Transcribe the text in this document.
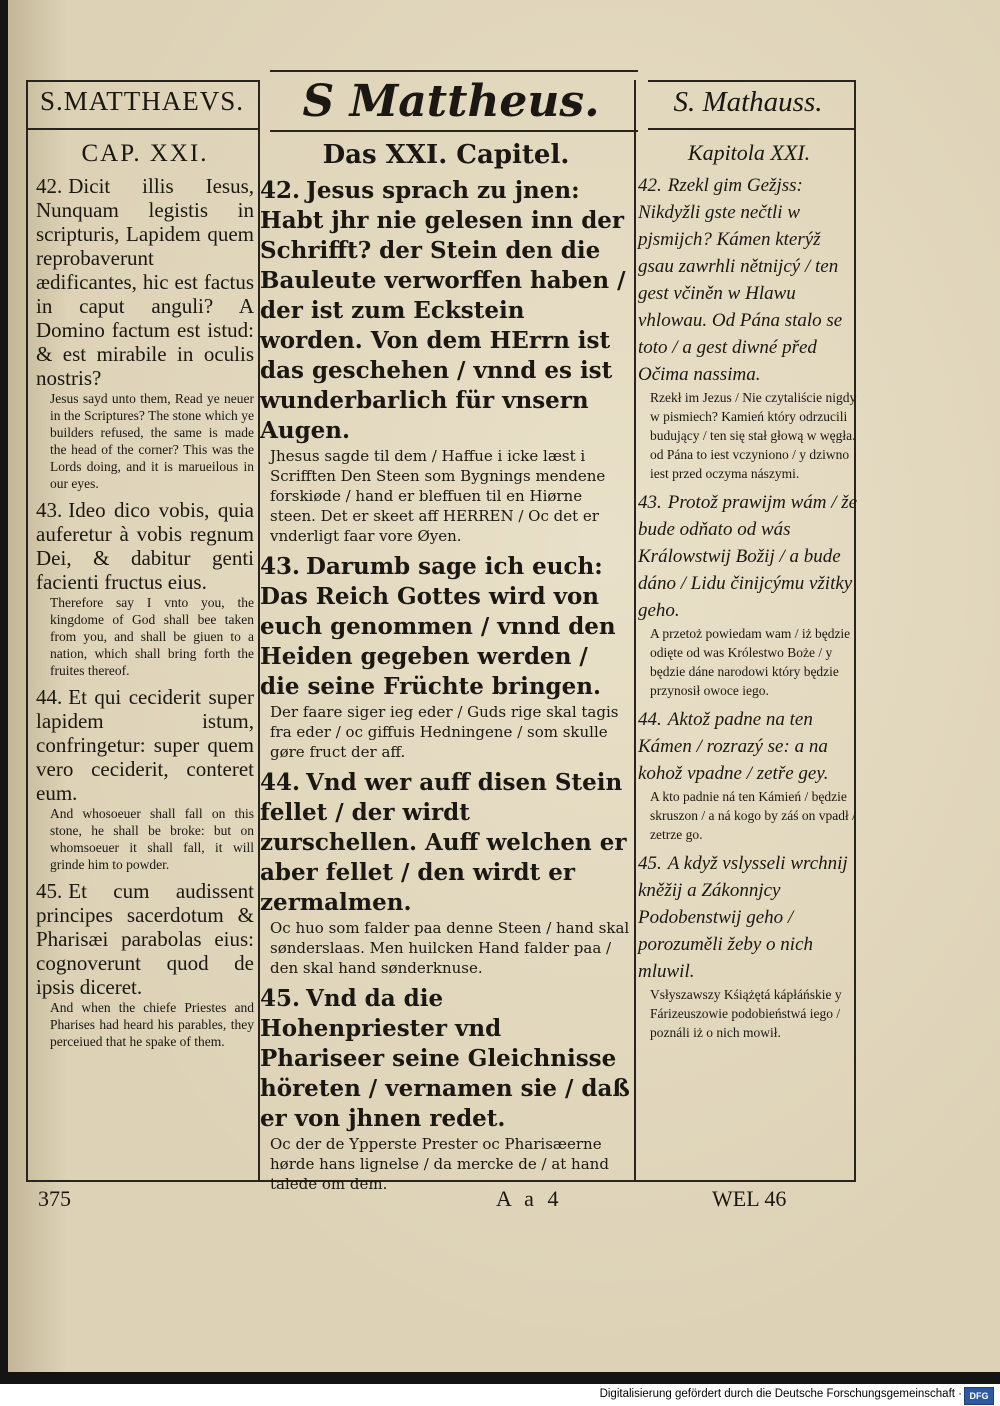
S.MATTHAEVS.	S Mattheus.	S. Mathauss.
CAP. XXI.
42. Dicit illis Iesus, Nunquam legistis in scripturis, Lapidem quem reprobaverunt ædificantes, hic est factus in caput anguli? A Domino factum est istud: & est mirabile in oculis nostris?
Jesus sayd unto them, Read ye neuer in the Scriptures? The stone which ye builders refused, the same is made the head of the corner? This was the Lords doing, and it is marueilous in our eyes.
43. Ideo dico vobis, quia auferetur à vobis regnum Dei, & dabitur genti facienti fructus eius.
Therefore say I vnto you, the kingdome of God shall bee taken from you, and shall be giuen to a nation, which shall bring forth the fruites thereof.
44. Et qui ceciderit super lapidem istum, confringetur: super quem vero ceciderit, conteret eum.
And whosoeuer shall fall on this stone, he shall be broke: but on whomsoeuer it shall fall, it will grinde him to powder.
45. Et cum audissent principes sacerdotum & Pharisæi parabolas eius: cognoverunt quod de ipsis diceret.
And when the chiefe Priestes and Pharises had heard his parables, they perceiued that he spake of them.
Das XXI. Capitel.
42. Jesus sprach zu jnen: Habt jhr nie gelesen inn der Schrifft? der Stein den die Bauleute verworffen haben / der ist zum Eckstein worden. Von dem HErrn ist das geschehen / vnnd es ist wunderbarlich für vnsern Augen.
Jhesus sagde til dem / Haffue i icke læst i Scrifften Den Steen som Bygnings mendene forskiøde / hand er bleffuen til en Hiørne steen. Det er skeet aff HERREN / Oc det er vnderligt faar vore Øyen.
43. Darumb sage ich euch: Das Reich Gottes wird von euch genommen / vnnd den Heiden gegeben werden / die seine Früchte bringen.
Der faare siger ieg eder / Guds rige skal tagis fra eder / oc giffuis Hedningene / som skulle gøre fruct der aff.
44. Vnd wer auff disen Stein fellet / der wirdt zurschellen. Auff welchen er aber fellet / den wirdt er zermalmen.
Oc huo som falder paa denne Steen / hand skal sønderslaas. Men huilcken Hand falder paa / den skal hand sønderknuse.
45. Vnd da die Hohenpriester vnd Phariseer seine Gleichnisse höreten / vernamen sie / daß er von jhnen redet.
Oc der de Ypperste Prester oc Pharisæerne hørde hans lignelse / da mercke de / at hand talede om dem.
Kapitola XXI.
42. Rzekl gim Gežjss: Nikdyžli gste nečtli w pjsmijch? Kámen kterýž gsau zawrhli nětnijcý / ten gest včiněn w Hlawu vhlowau. Od Pána stalo se toto / a gest diwné před Očima nassima.
Rzekł im Jezus / Nie czytaliście nigdy w pismiech? Kamień który odrzucili budujący / ten się stał głową w węgła. od Pána to iest vczyniono / y dziwno iest przed oczyma nászymi.
43. Protož prawijm wám / že bude odňato od wás Králowstwij Božij / a bude dáno / Lidu činijcýmu vžitky geho.
A przetoż powiedam wam / iż będzie odięte od was Królestwo Boże / y będzie dáne narodowi który będzie przynosił owoce iego.
44. Aktož padne na ten Kámen / rozrazý se: a na kohož vpadne / zetře gey.
A kto padnie ná ten Kámień / będzie skruszon / a ná kogo by záś on vpadł / zetrze go.
45. A když vslysseli wrchnij kněžij a Zákonnjcy Podobenstwij geho / porozuměli žeby o nich mluwil.
Vsłyszawszy Kśiążętá kápłáńskie y Fárizeuszowie podobieństwá iego / poználi iż o nich mowił.
375	A a 4	WEL 46
Digitalisierung gefördert durch die Deutsche Forschungsgemeinschaft · DFG
